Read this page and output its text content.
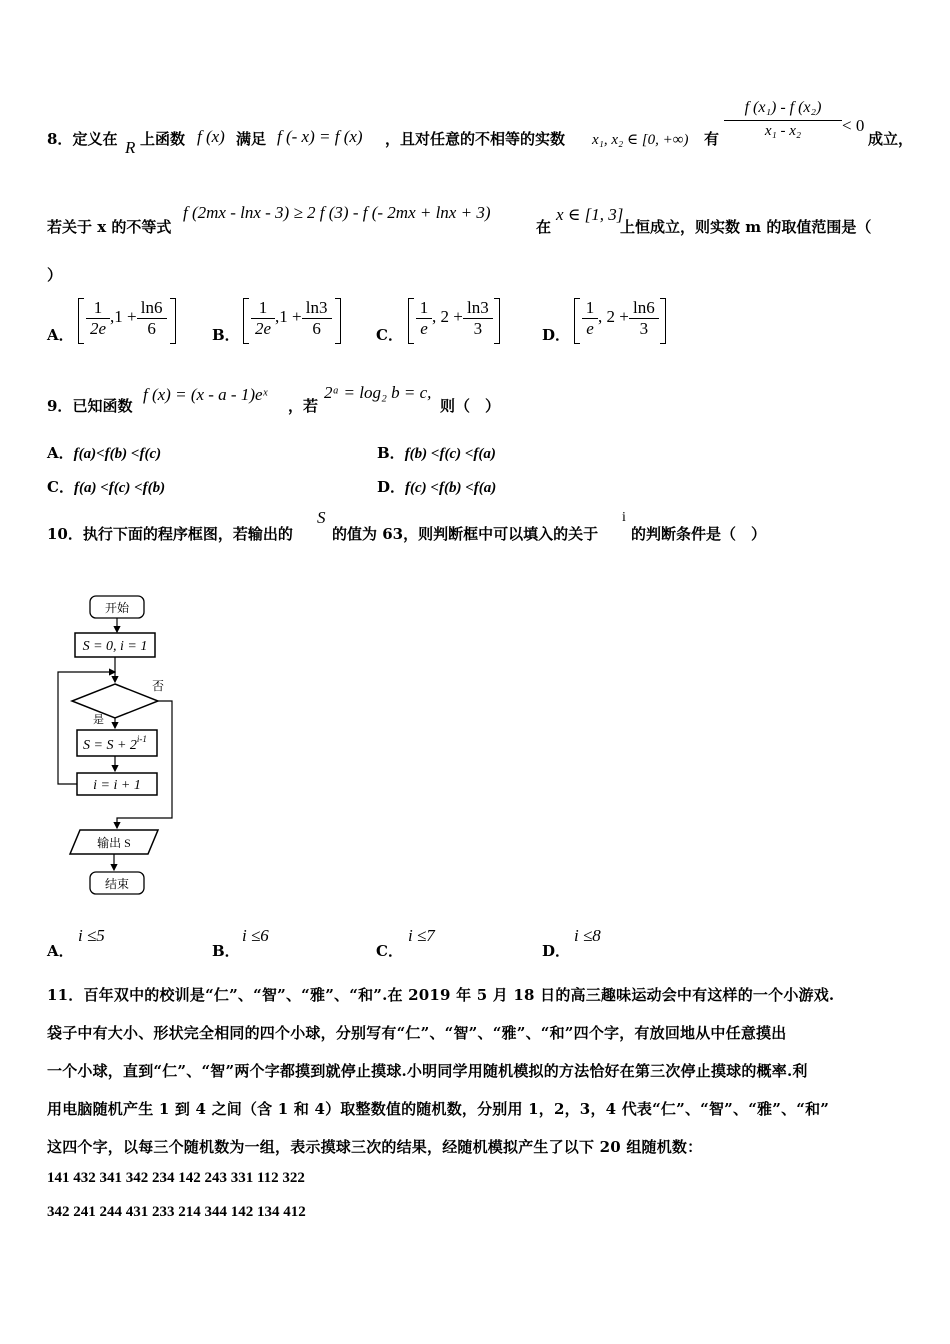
8．定义在 R 上函数 f (x) 满足 f (- x) = f (x) ，且对任意的不相等的实数 x₁, x₂ ∈ [0, +∞) 有 $\frac{\text{f (x₁) - f (x₂)}}{\text{x₁ - x₂}} < 0$
成立，
若关于 x 的不等式
f (2mx - lnx - 3) ≥ 2 f (3) - f (- 2mx + lnx + 3)
在
x ∈ [1, 3]
上恒成立，则实数 m 的取值范围是（
）
A． $\frac{1}{2e} ,1 + \frac{\ln 6}{6}$	B． $\frac{1}{2e} ,1 + \frac{\ln 3}{6}$	C． $\frac{1}{e}$ , $2 + \frac{\ln 3}{3}$	D． $\frac{1}{e}$ , $2 + \frac{\ln 6}{3}$
9．已知函数
f (x) = (x - a - 1)eˣ
，若
2ᵃ = log₂ b = c,
则（　）
A．f(a)<f(b) <f(c)	B．f(b) <f(c) <f(a)
C．f(a) <f(c) <f(b)	D．f(c) <f(b) <f(a)
10．执行下面的程序框图，若输出的
S
的值为 63，则判断框中可以填入的关于
i
的判断条件是（　）
开始
S = 0, i = 1
否
是
$S = S + 2^{i-1}$
i = i + 1
输出 S
结束
A．
i ≤5
B．
i ≤6
C．
i ≤7
D．
i ≤8
11．百年双中的校训是“仁”、“智”、“雅”、“和”.在 2019 年 5 月 18 日的高三趣味运动会中有这样的一个小游戏.
袋子中有大小、形状完全相同的四个小球，分别写有“仁”、“智”、“雅”、“和”四个字，有放回地从中任意摸出
一个小球，直到“仁”、“智”两个字都摸到就停止摸球.小明同学用随机模拟的方法恰好在第三次停止摸球的概率.利
用电脑随机产生 1 到 4 之间（含 1 和 4）取整数值的随机数，分别用 1，2，3，4 代表“仁”、“智”、“雅”、“和”
这四个字，以每三个随机数为一组，表示摸球三次的结果，经随机模拟产生了以下 20 组随机数：
141 432 341 342 234 142 243 331 112 322
342 241 244 431 233 214 344 142 134 412
